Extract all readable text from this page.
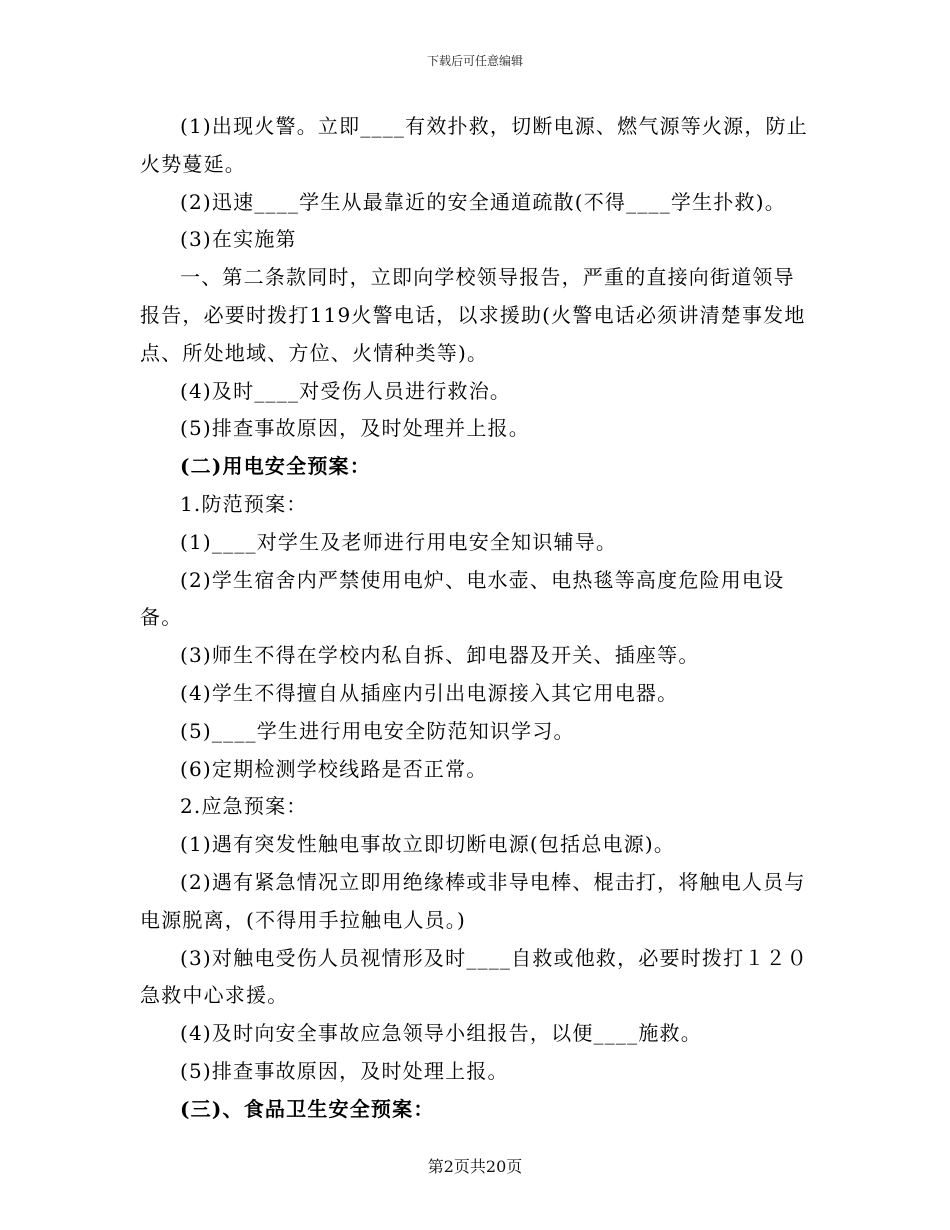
下载后可任意编辑

(1)出现火警。立即____有效扑救，切断电源、燃气源等火源，防止火势蔓延。

(2)迅速____学生从最靠近的安全通道疏散(不得____学生扑救)。

(3)在实施第

一、第二条款同时，立即向学校领导报告，严重的直接向街道领导报告，必要时拨打119火警电话，以求援助(火警电话必须讲清楚事发地点、所处地域、方位、火情种类等)。

(4)及时____对受伤人员进行救治。

(5)排查事故原因，及时处理并上报。

(二)用电安全预案：

1.防范预案：

(1)____对学生及老师进行用电安全知识辅导。

(2)学生宿舍内严禁使用电炉、电水壶、电热毯等高度危险用电设备。

(3)师生不得在学校内私自拆、卸电器及开关、插座等。

(4)学生不得擅自从插座内引出电源接入其它用电器。

(5)____学生进行用电安全防范知识学习。

(6)定期检测学校线路是否正常。

2.应急预案：

(1)遇有突发性触电事故立即切断电源(包括总电源)。

(2)遇有紧急情况立即用绝缘棒或非导电棒、棍击打，将触电人员与电源脱离，(不得用手拉触电人员。)

(3)对触电受伤人员视情形及时____自救或他救，必要时拨打１２０急救中心求援。

(4)及时向安全事故应急领导小组报告，以便____施救。

(5)排查事故原因，及时处理上报。

(三)、食品卫生安全预案：

第2页共20页
